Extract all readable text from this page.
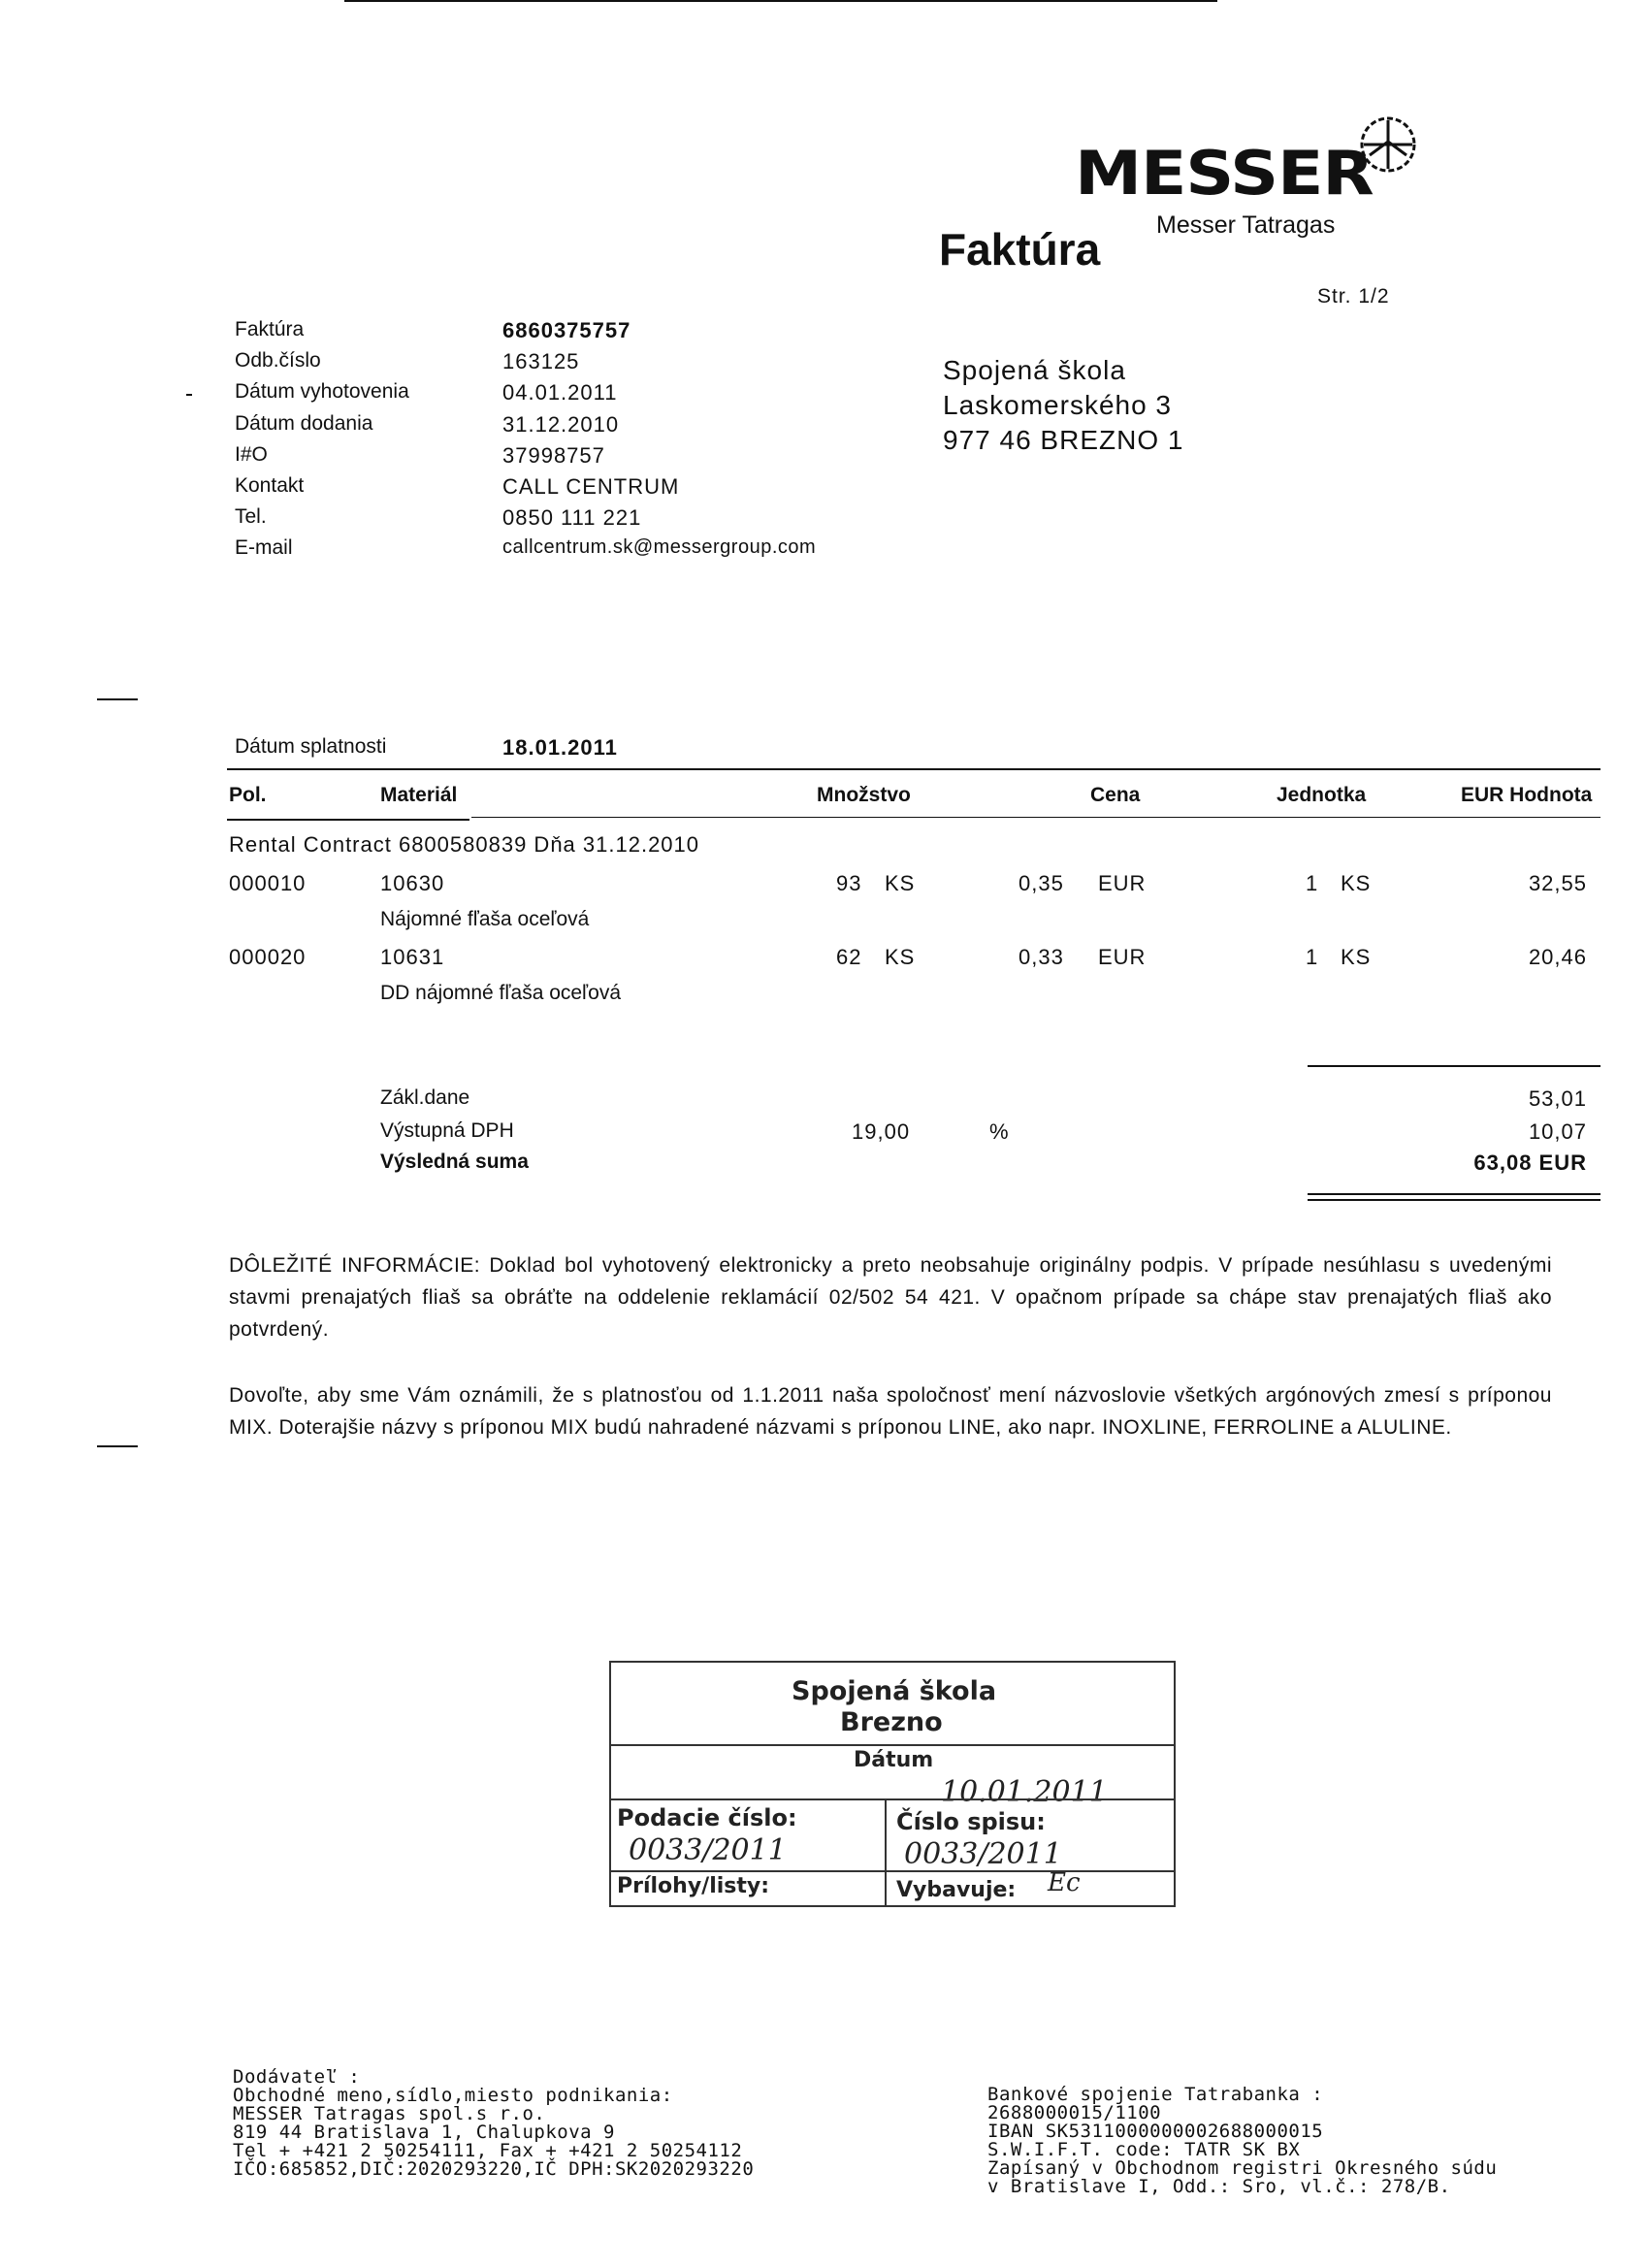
MESSER
Messer Tatragas
Faktúra
Str. 1/2
Faktúra	6860375757
Odb.číslo	163125
Dátum vyhotovenia	04.01.2011
Dátum dodania	31.12.2010
I#O	37998757
Kontakt	CALL CENTRUM
Tel.	0850 111 221
E-mail	callcentrum.sk@messergroup.com
Spojená škola
Laskomerského 3
977 46 BREZNO 1
Dátum splatnosti	18.01.2011
Pol.	Materiál	Množstvo	Cena	Jednotka	EUR Hodnota
Rental Contract 6800580839 Dňa 31.12.2010
000010	10630	93 KS	0,35 EUR	1 KS	32,55
Nájomné fľaša oceľová
000020	10631	62 KS	0,33 EUR	1 KS	20,46
DD nájomné fľaša oceľová
Zákl.dane	53,01
Výstupná DPH	19,00	%	10,07
Výsledná suma	63,08 EUR
DÔLEŽITÉ INFORMÁCIE: Doklad bol vyhotovený elektronicky a preto neobsahuje originálny podpis. V prípade nesúhlasu s uvedenými stavmi prenajatých fliaš sa obráťte na oddelenie reklamácií 02/502 54 421. V opačnom prípade sa chápe stav prenajatých fliaš ako potvrdený.
Dovoľte, aby sme Vám oznámili, že s platnosťou od 1.1.2011 naša spoločnosť mení názvoslovie všetkých argónových zmesí s príponou MIX. Doterajšie názvy s príponou MIX budú nahradené názvami s príponou LINE, ako napr. INOXLINE, FERROLINE a ALULINE.
Spojená škola
Brezno
Dátum
10.01.2011
Podacie číslo:
0033/2011
Číslo spisu:
0033/2011
Prílohy/listy:	Vybavuje: Ec
Dodávateľ :
Obchodné meno,sídlo,miesto podnikania:
MESSER Tatragas spol.s r.o.
819 44 Bratislava 1, Chalupkova 9
Tel + +421 2 50254111, Fax + +421 2 50254112
IČO:685852,DIČ:2020293220,IČ DPH:SK2020293220
Bankové spojenie Tatrabanka :
2688000015/1100
IBAN SK5311000000002688000015
S.W.I.F.T. code: TATR SK BX
Zapísaný v Obchodnom registri Okresného súdu
v Bratislave I, Odd.: Sro, vl.č.: 278/B.
